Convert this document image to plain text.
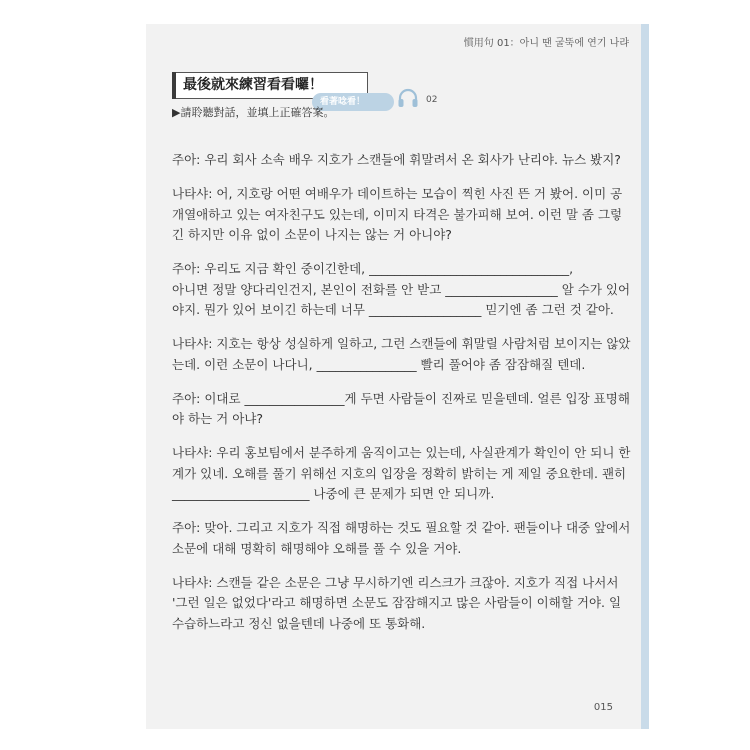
慣用句 01：아니 땐 굴뚝에 연기 나랴
最後就來練習看看囉！
看著唸看！	02
▶請聆聽對話，並填上正確答案。

주아: 우리 회사 소속 배우 지호가 스캔들에 휘말려서 온 회사가 난리야. 뉴스 봤지?

나타샤: 어, 지호랑 어떤 여배우가 데이트하는 모습이 찍힌 사진 뜬 거 봤어. 이미 공개열애하고 있는 여자친구도 있는데, 이미지 타격은 불가피해 보여. 이런 말 좀 그렇긴 하지만 이유 없이 소문이 나지는 않는 거 아니야?

주아: 우리도 지금 확인 중이긴한데, ________________________________,
아니면 정말 양다리인건지, 본인이 전화를 안 받고 __________________ 알 수가 있어야지. 뭔가 있어 보이긴 하는데 너무 __________________ 믿기엔 좀 그런 것 같아.

나타샤: 지호는 항상 성실하게 일하고, 그런 스캔들에 휘말릴 사람처럼 보이지는 않았는데. 이런 소문이 나다니, ________________ 빨리 풀어야 좀 잠잠해질 텐데.

주아: 이대로 ________________게 두면 사람들이 진짜로 믿을텐데. 얼른 입장 표명해야 하는 거 아냐?

나타샤: 우리 홍보팀에서 분주하게 움직이고는 있는데, 사실관계가 확인이 안 되니 한계가 있네. 오해를 풀기 위해선 지호의 입장을 정확히 밝히는 게 제일 중요한데. 괜히______________________ 나중에 큰 문제가 되면 안 되니까.

주아: 맞아. 그리고 지호가 직접 해명하는 것도 필요할 것 같아. 팬들이나 대중 앞에서 소문에 대해 명확히 해명해야 오해를 풀 수 있을 거야.

나타샤: 스캔들 같은 소문은 그냥 무시하기엔 리스크가 크잖아. 지호가 직접 나서서 '그런 일은 없었다'라고 해명하면 소문도 잠잠해지고 많은 사람들이 이해할 거야. 일 수습하느라고 정신 없을텐데 나중에 또 통화해.

015
